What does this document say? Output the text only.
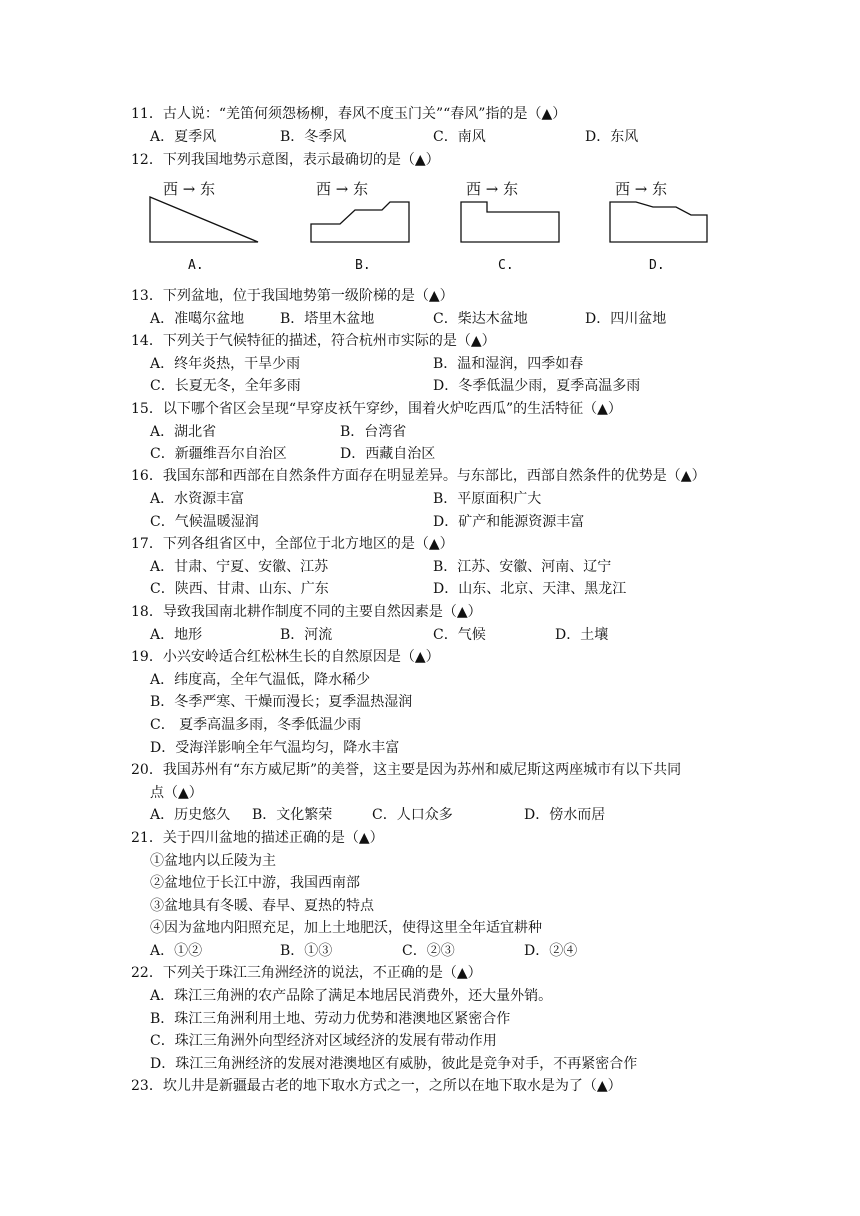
11．古人说：“羌笛何须怨杨柳，春风不度玉门关”“春风”指的是（▲）
A．夏季风	B．冬季风	C．南风	D．东风
12．下列我国地势示意图，表示最确切的是（▲）
西 → 东
A.
西 → 东
B.
西 → 东
C.
西 → 东
D.
13．下列盆地，位于我国地势第一级阶梯的是（▲）
A．准噶尔盆地	B．塔里木盆地	C．柴达木盆地	D．四川盆地
14．下列关于气候特征的描述，符合杭州市实际的是（▲）
A．终年炎热，干旱少雨	B．温和湿润，四季如春
C．长夏无冬，全年多雨	D．冬季低温少雨，夏季高温多雨
15．以下哪个省区会呈现“早穿皮袄午穿纱，围着火炉吃西瓜”的生活特征（▲）
A．湖北省	B．台湾省
C．新疆维吾尔自治区	D．西藏自治区
16．我国东部和西部在自然条件方面存在明显差异。与东部比，西部自然条件的优势是（▲）
A．水资源丰富	B．平原面积广大
C．气候温暖湿润	D．矿产和能源资源丰富
17．下列各组省区中，全部位于北方地区的是（▲）
A．甘肃、宁夏、安徽、江苏	B．江苏、安徽、河南、辽宁
C．陕西、甘肃、山东、广东	D．山东、北京、天津、黑龙江
18．导致我国南北耕作制度不同的主要自然因素是（▲）
A．地形	B．河流	C．气候	D．土壤
19．小兴安岭适合红松林生长的自然原因是（▲）
A．纬度高，全年气温低，降水稀少
B．冬季严寒、干燥而漫长；夏季温热湿润
C． 夏季高温多雨，冬季低温少雨
D．受海洋影响全年气温均匀，降水丰富
20．我国苏州有“东方威尼斯”的美誉，这主要是因为苏州和威尼斯这两座城市有以下共同
点（▲）
A．历史悠久 B．文化繁荣	C．人口众多	D．傍水而居
21．关于四川盆地的描述正确的是（▲）
①盆地内以丘陵为主
②盆地位于长江中游，我国西南部
③盆地具有冬暖、春早、夏热的特点
④因为盆地内阳照充足，加上土地肥沃，使得这里全年适宜耕种
A．①②	B．①③	C．②③	D．②④
22．下列关于珠江三角洲经济的说法，不正确的是（▲）
A．珠江三角洲的农产品除了满足本地居民消费外，还大量外销。
B．珠江三角洲利用土地、劳动力优势和港澳地区紧密合作
C．珠江三角洲外向型经济对区域经济的发展有带动作用
D．珠江三角洲经济的发展对港澳地区有威胁，彼此是竞争对手，不再紧密合作
23．坎儿井是新疆最古老的地下取水方式之一，之所以在地下取水是为了（▲）
